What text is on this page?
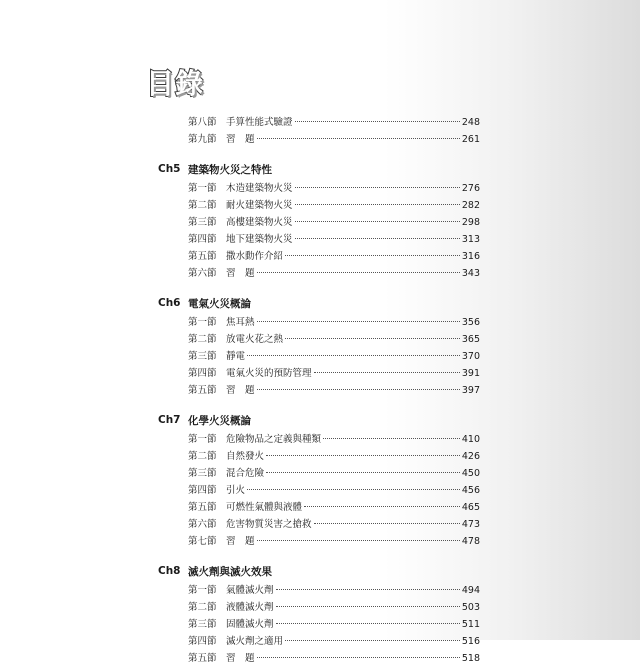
目錄
第八節 手算性能式驗證	248
第九節 習　題	261
Ch5 建築物火災之特性
第一節 木造建築物火災	276
第二節 耐火建築物火災	282
第三節 高樓建築物火災	298
第四節 地下建築物火災	313
第五節 撒水動作介紹	316
第六節 習　題	343
Ch6 電氣火災概論
第一節 焦耳熱	356
第二節 放電火花之熱	365
第三節 靜電	370
第四節 電氣火災的預防管理	391
第五節 習　題	397
Ch7 化學火災概論
第一節 危險物品之定義與種類	410
第二節 自然發火	426
第三節 混合危險	450
第四節 引火	456
第五節 可燃性氣體與液體	465
第六節 危害物質災害之搶救	473
第七節 習　題	478
Ch8 滅火劑與滅火效果
第一節 氣體滅火劑	494
第二節 液體滅火劑	503
第三節 固體滅火劑	511
第四節 滅火劑之適用	516
第五節 習　題	518
